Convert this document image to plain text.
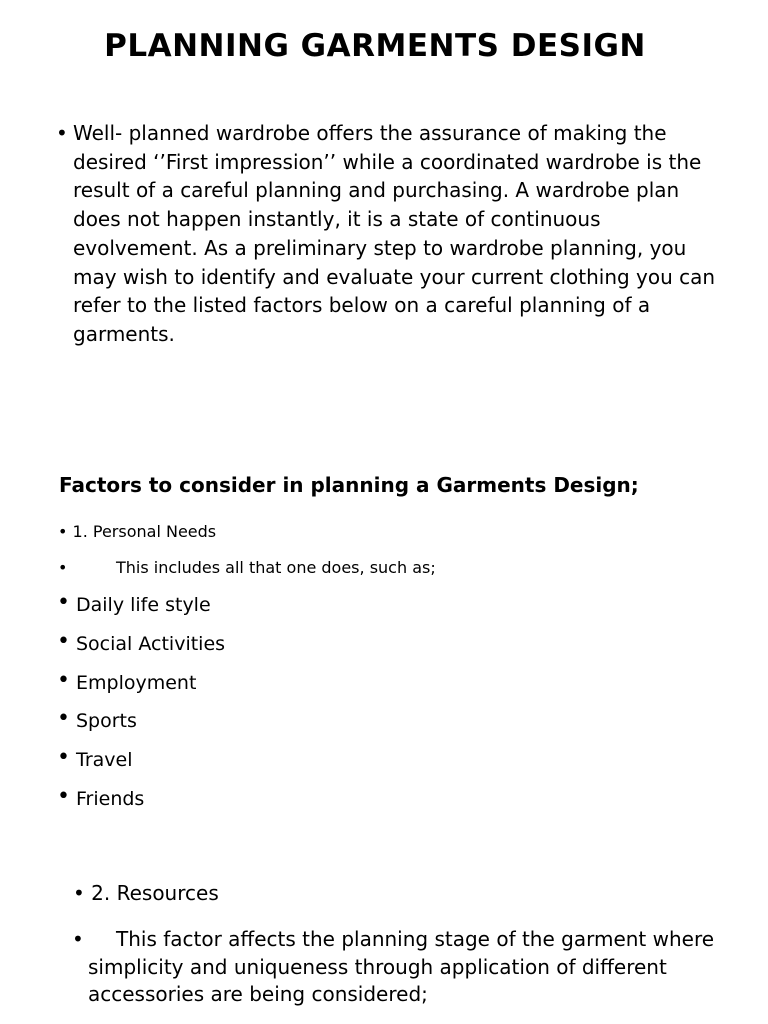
PLANNING GARMENTS DESIGN
• Well- planned wardrobe offers the assurance of making the desired ‘’First impression’’ while a coordinated wardrobe is the result of a careful planning and purchasing. A wardrobe plan does not happen instantly, it is a state of continuous evolvement. As a preliminary step to wardrobe planning, you may wish to identify and evaluate your current clothing you can refer to the listed factors below on a careful planning of a garments.
Factors to consider in planning a Garments Design;
• 1. Personal Needs
•	This includes all that one does, such as;
• Daily life style
• Social Activities
• Employment
• Sports
• Travel
• Friends
• 2. Resources
•	This factor affects the planning stage of the garment where simplicity and uniqueness through application of different accessories are being considered;
